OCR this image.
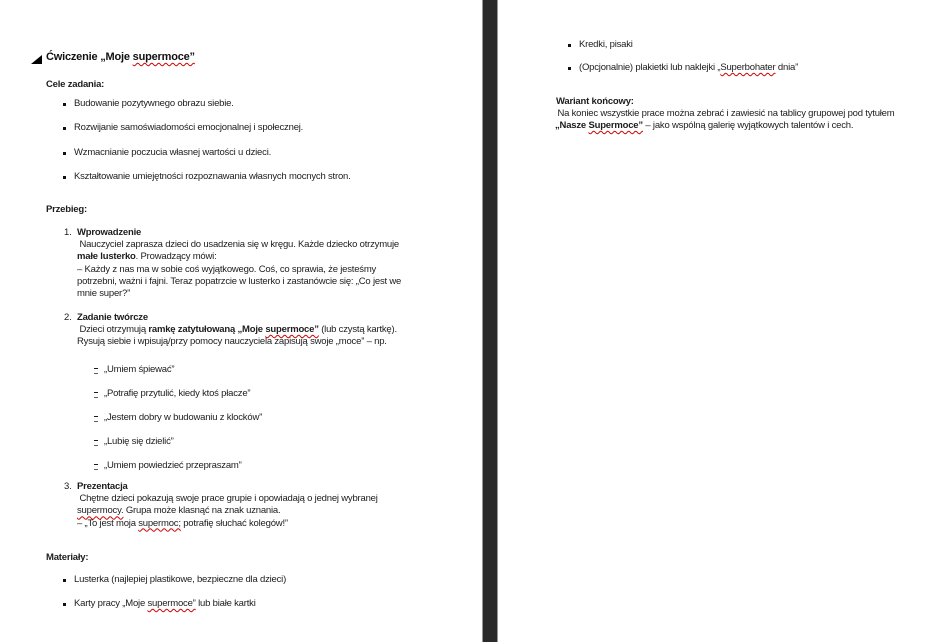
Ćwiczenie „Moje supermoce”
Cele zadania:
Budowanie pozytywnego obrazu siebie.
Rozwijanie samoświadomości emocjonalnej i społecznej.
Wzmacnianie poczucia własnej wartości u dzieci.
Kształtowanie umiejętności rozpoznawania własnych mocnych stron.
Przebieg:
1. Wprowadzenie
Nauczyciel zaprasza dzieci do usadzenia się w kręgu. Każde dziecko otrzymuje
małe lusterko. Prowadzący mówi:
– Każdy z nas ma w sobie coś wyjątkowego. Coś, co sprawia, że jesteśmy
potrzebni, ważni i fajni. Teraz popatrzcie w lusterko i zastanówcie się: „Co jest we
mnie super?”
2. Zadanie twórcze
Dzieci otrzymują ramkę zatytułowaną „Moje supermoce” (lub czystą kartkę).
Rysują siebie i wpisują/przy pomocy nauczyciela zapisują swoje „moce” – np.
„Umiem śpiewać”
„Potrafię przytulić, kiedy ktoś płacze”
„Jestem dobry w budowaniu z klocków”
„Lubię się dzielić”
„Umiem powiedzieć przepraszam”
3. Prezentacja
Chętne dzieci pokazują swoje prace grupie i opowiadają o jednej wybranej
supermocy. Grupa może klasnąć na znak uznania.
– „To jest moja supermoc; potrafię słuchać kolegów!”
Materiały:
Lusterka (najlepiej plastikowe, bezpieczne dla dzieci)
Karty pracy „Moje supermoce” lub białe kartki
Kredki, pisaki
(Opcjonalnie) plakietki lub naklejki „Superbohater dnia”
Wariant końcowy:
Na koniec wszystkie prace można zebrać i zawiesić na tablicy grupowej pod tytułem
„Nasze Supermoce” – jako wspólną galerię wyjątkowych talentów i cech.
